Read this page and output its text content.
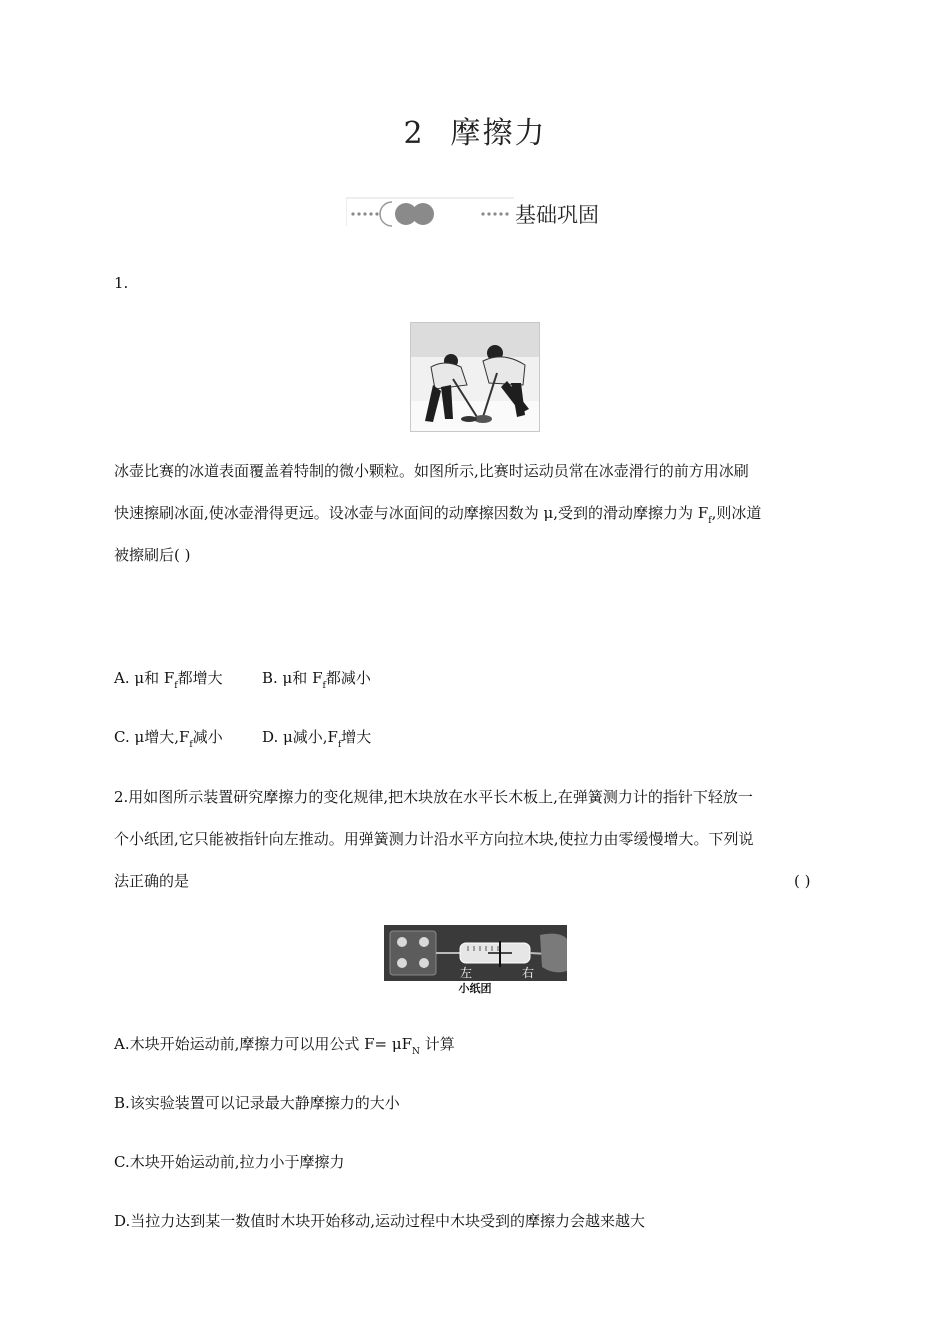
2 摩擦力
基础巩固
1.
冰壶比赛的冰道表面覆盖着特制的微小颗粒。如图所示,比赛时运动员常在冰壶滑行的前方用冰刷
快速擦刷冰面,使冰壶滑得更远。设冰壶与冰面间的动摩擦因数为 μ,受到的滑动摩擦力为 $F_f$,则冰道
被擦刷后( )
A. μ和 $F_f$都增大	B. μ和 $F_f$都减小
C. μ增大$,F_f$减小	D. μ减小$,F_f$增大
2.用如图所示装置研究摩擦力的变化规律,把木块放在水平长木板上,在弹簧测力计的指针下轻放一
个小纸团,它只能被指针向左推动。用弹簧测力计沿水平方向拉木块,使拉力由零缓慢增大。下列说
法正确的是	( )
左	右
小纸团
A.木块开始运动前,摩擦力可以用公式 $F= \mu F_N$ 计算
B.该实验装置可以记录最大静摩擦力的大小
C.木块开始运动前,拉力小于摩擦力
D.当拉力达到某一数值时木块开始移动,运动过程中木块受到的摩擦力会越来越大
